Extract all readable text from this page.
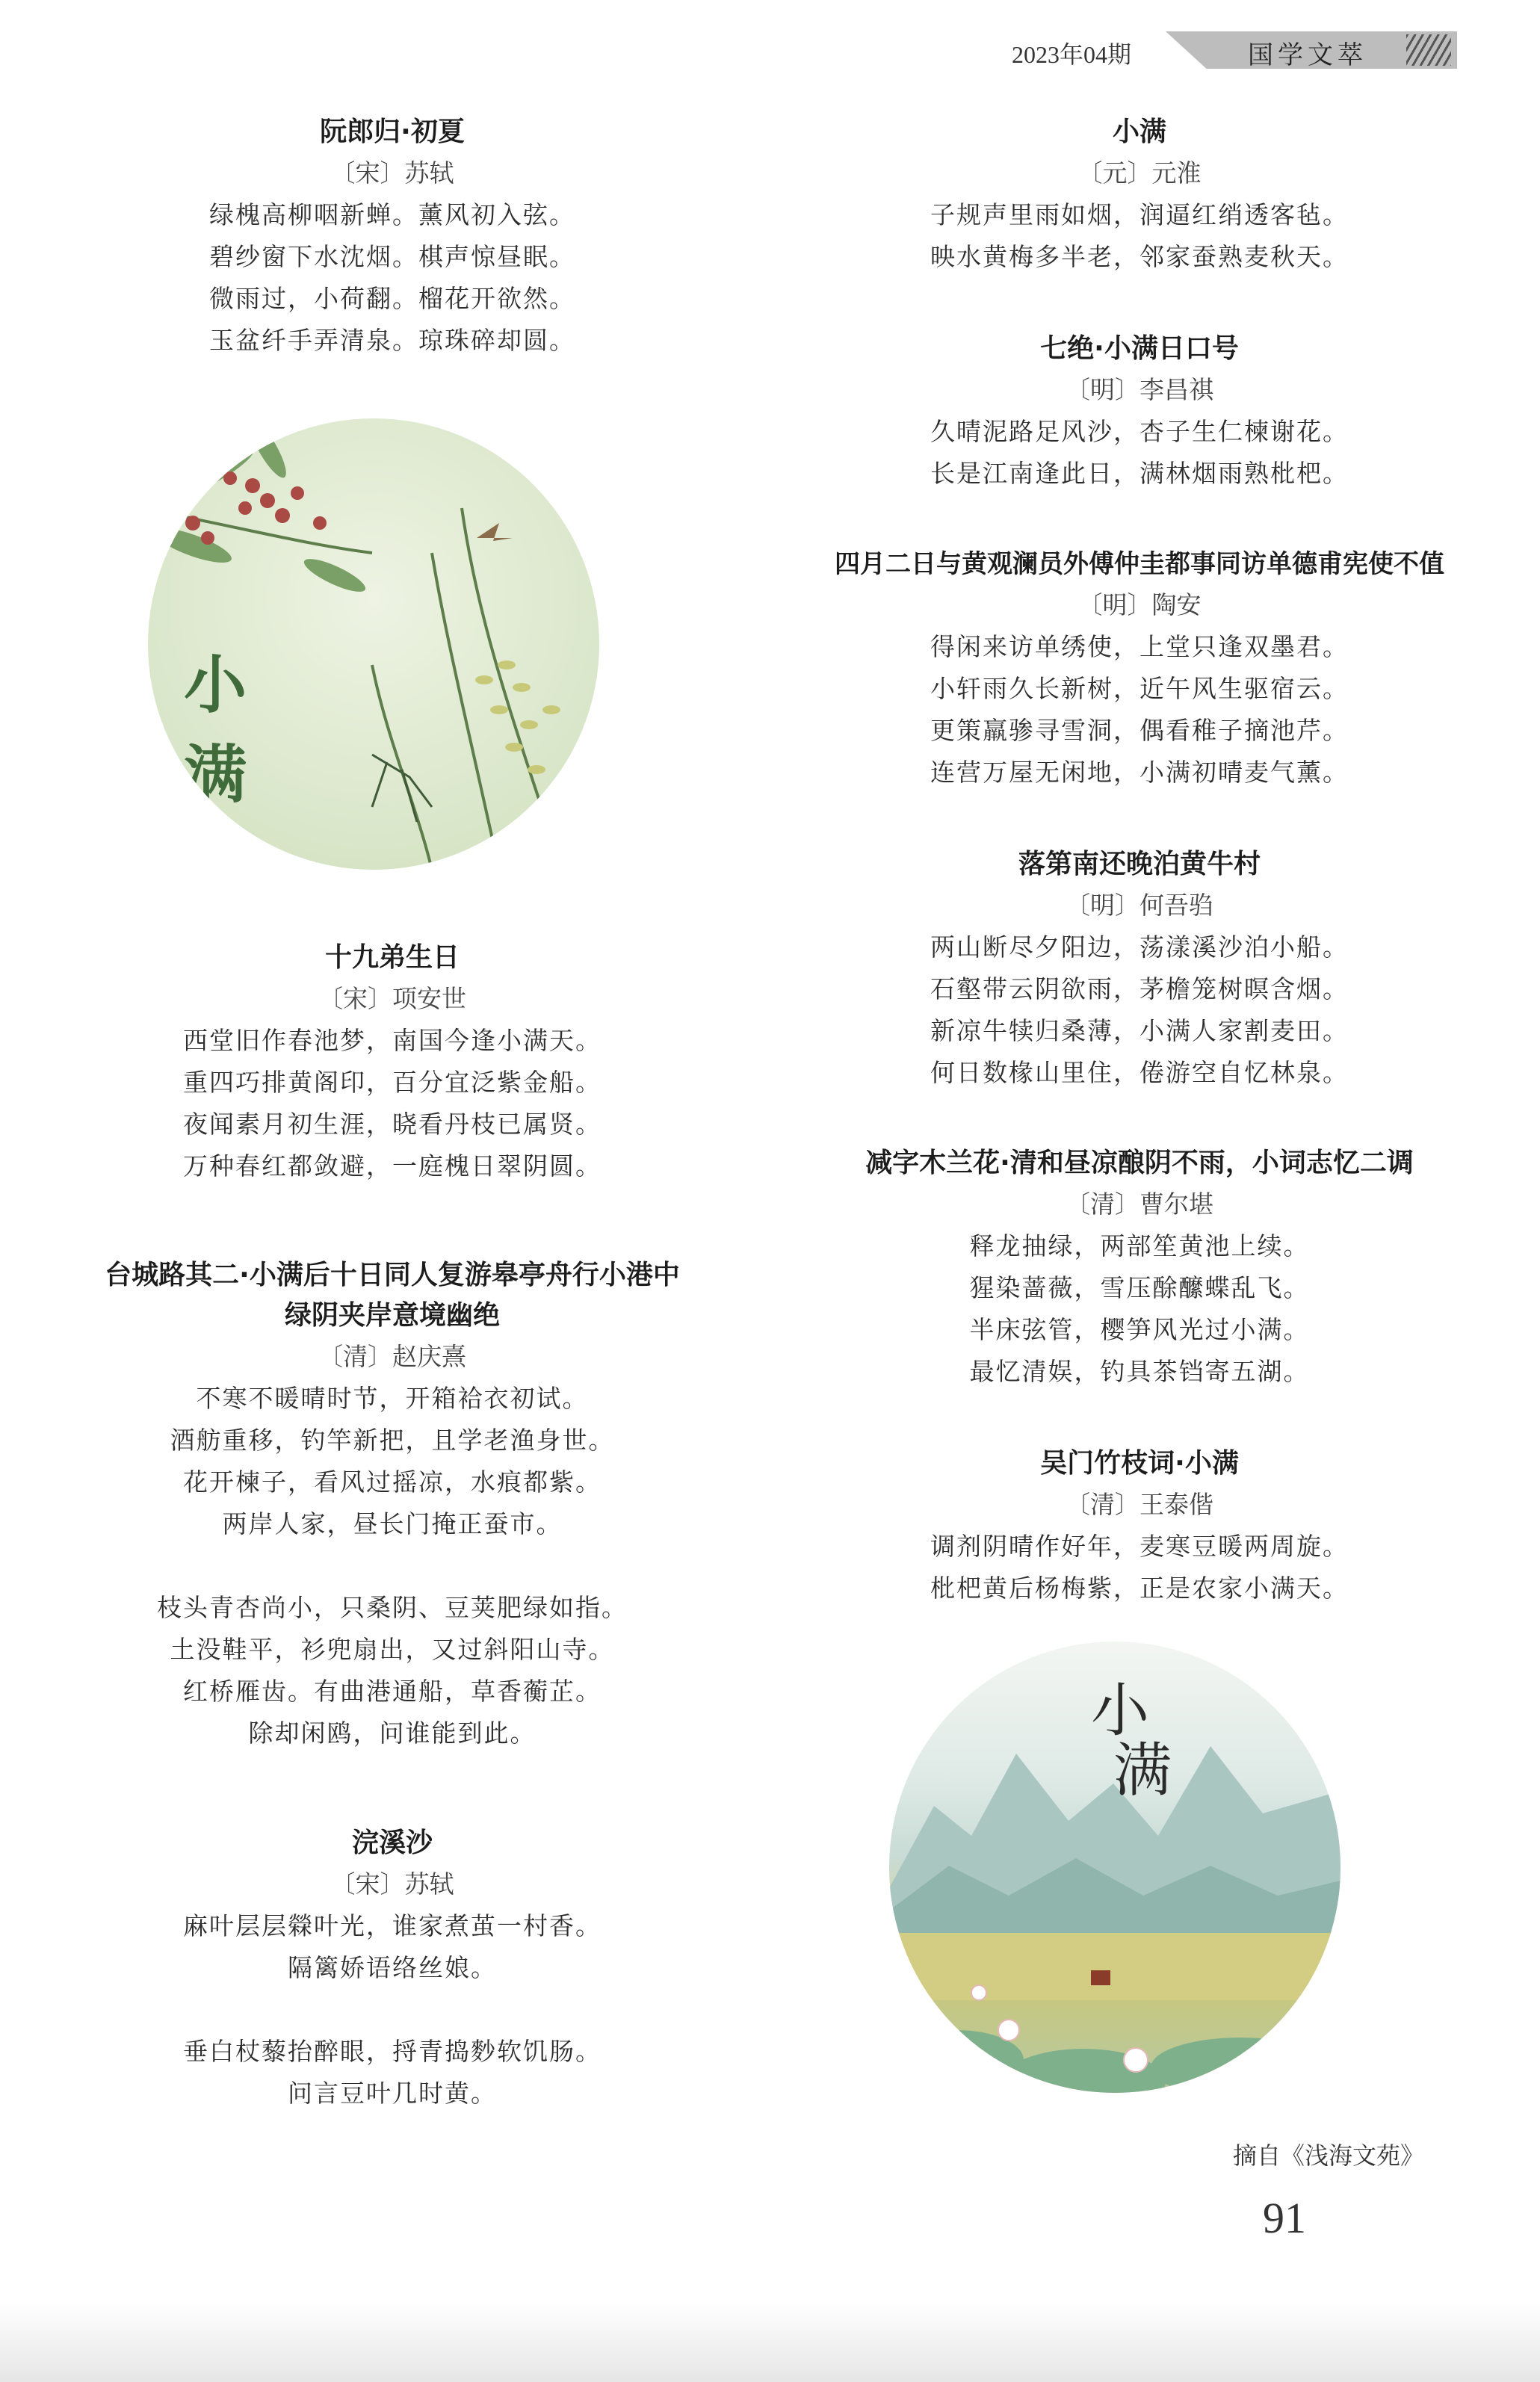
2023年04期	国学文萃
阮郎归·初夏
〔宋〕苏轼
绿槐高柳咽新蝉。薰风初入弦。
碧纱窗下水沈烟。棋声惊昼眠。
微雨过，小荷翻。榴花开欲然。
玉盆纤手弄清泉。琼珠碎却圆。
十九弟生日
〔宋〕项安世
西堂旧作春池梦，南国今逢小满天。
重四巧排黄阁印，百分宜泛紫金船。
夜闻素月初生涯，晓看丹枝已属贤。
万种春红都敛避，一庭槐日翠阴圆。
台城路其二·小满后十日同人复游皋亭舟行小港中
绿阴夹岸意境幽绝
〔清〕赵庆熹
不寒不暖晴时节，开箱袷衣初试。
酒舫重移，钓竿新把，且学老渔身世。
花开楝子，看风过摇凉，水痕都紫。
两岸人家，昼长门掩正蚕市。
枝头青杏尚小，只桑阴、豆荚肥绿如指。
土没鞋平，衫兜扇出，又过斜阳山寺。
红桥雁齿。有曲港通船，草香蘅芷。
除却闲鸥，问谁能到此。
浣溪沙
〔宋〕苏轼
麻叶层层檾叶光，谁家煮茧一村香。
隔篱娇语络丝娘。
垂白杖藜抬醉眼，捋青捣麨软饥肠。
问言豆叶几时黄。
小
满
小满
〔元〕元淮
子规声里雨如烟，润逼红绡透客毡。
映水黄梅多半老，邻家蚕熟麦秋天。
七绝·小满日口号
〔明〕李昌祺
久晴泥路足风沙，杏子生仁楝谢花。
长是江南逢此日，满林烟雨熟枇杷。
四月二日与黄观澜员外傅仲圭都事同访单德甫宪使不值
〔明〕陶安
得闲来访单绣使，上堂只逢双墨君。
小轩雨久长新树，近午风生驱宿云。
更策羸骖寻雪洞，偶看稚子摘池芹。
连营万屋无闲地，小满初晴麦气薰。
落第南还晚泊黄牛村
〔明〕何吾驺
两山断尽夕阳边，荡漾溪沙泊小船。
石壑带云阴欲雨，茅檐笼树暝含烟。
新凉牛犊归桑薄，小满人家割麦田。
何日数椽山里住，倦游空自忆林泉。
减字木兰花·清和昼凉酿阴不雨，小词志忆二调
〔清〕曹尔堪
释龙抽绿，两部笙黄池上续。
猩染蔷薇，雪压酴醿蝶乱飞。
半床弦管，樱笋风光过小满。
最忆清娱，钓具茶铛寄五湖。
吴门竹枝词·小满
〔清〕王泰偕
调剂阴晴作好年，麦寒豆暖两周旋。
枇杷黄后杨梅紫，正是农家小满天。
小
满
摘自《浅海文苑》
91
